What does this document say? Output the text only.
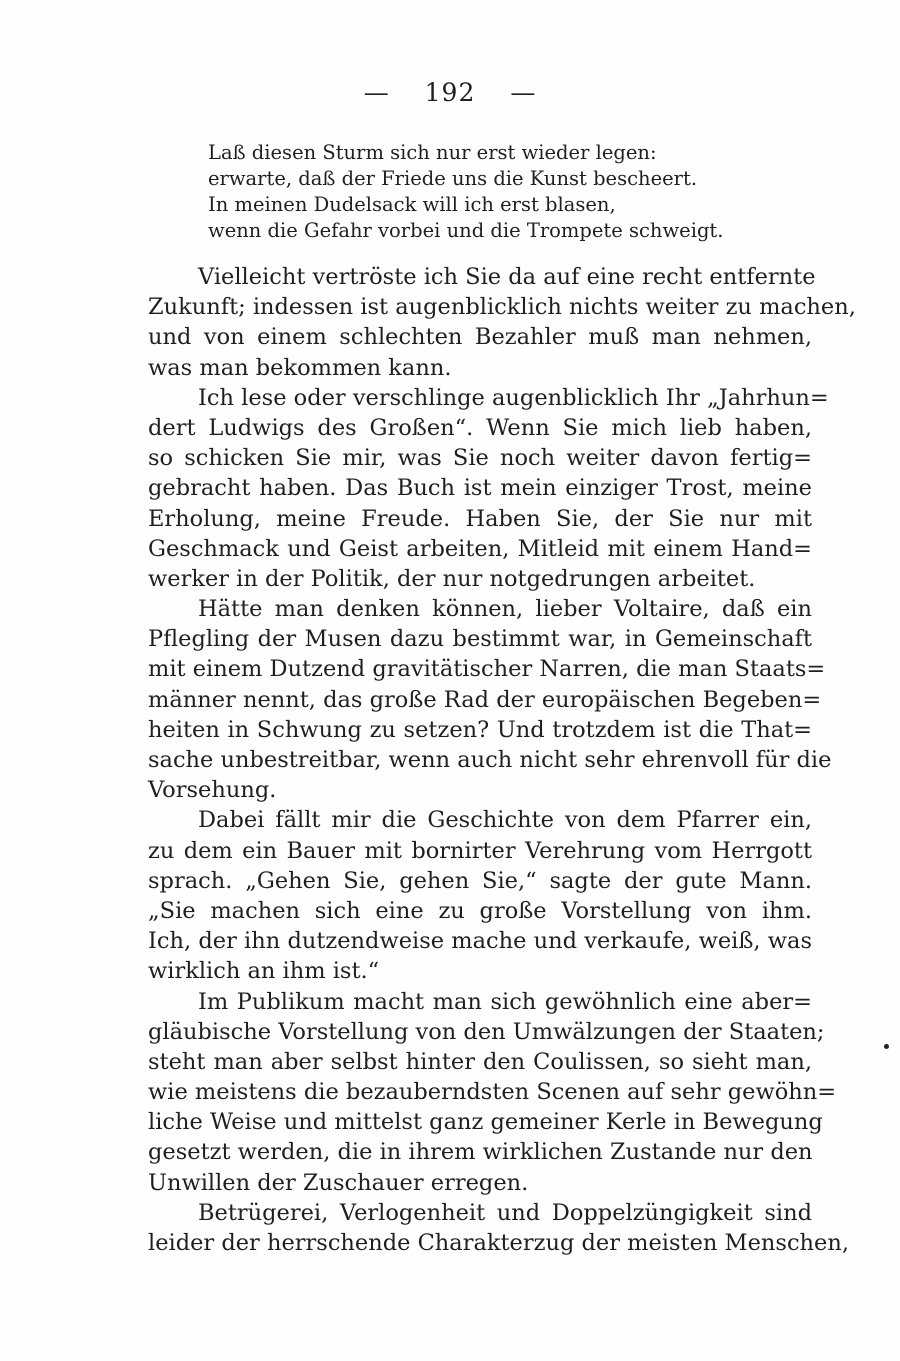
— 192 —
Laß diesen Sturm sich nur erst wieder legen:
erwarte, daß der Friede uns die Kunst bescheert.
In meinen Dudelsack will ich erst blasen,
wenn die Gefahr vorbei und die Trompete schweigt.
Vielleicht vertröste ich Sie da auf eine recht entfernte
Zukunft; indessen ist augenblicklich nichts weiter zu machen,
und von einem schlechten Bezahler muß man nehmen,
was man bekommen kann.
Ich lese oder verschlinge augenblicklich Ihr „Jahrhun=
dert Ludwigs des Großen“. Wenn Sie mich lieb haben,
so schicken Sie mir, was Sie noch weiter davon fertig=
gebracht haben. Das Buch ist mein einziger Trost, meine
Erholung, meine Freude. Haben Sie, der Sie nur mit
Geschmack und Geist arbeiten, Mitleid mit einem Hand=
werker in der Politik, der nur notgedrungen arbeitet.
Hätte man denken können, lieber Voltaire, daß ein
Pflegling der Musen dazu bestimmt war, in Gemeinschaft
mit einem Dutzend gravitätischer Narren, die man Staats=
männer nennt, das große Rad der europäischen Begeben=
heiten in Schwung zu setzen? Und trotzdem ist die That=
sache unbestreitbar, wenn auch nicht sehr ehrenvoll für die
Vorsehung.
Dabei fällt mir die Geschichte von dem Pfarrer ein,
zu dem ein Bauer mit bornirter Verehrung vom Herrgott
sprach. „Gehen Sie, gehen Sie,“ sagte der gute Mann.
„Sie machen sich eine zu große Vorstellung von ihm.
Ich, der ihn dutzendweise mache und verkaufe, weiß, was
wirklich an ihm ist.“
Im Publikum macht man sich gewöhnlich eine aber=
gläubische Vorstellung von den Umwälzungen der Staaten;
steht man aber selbst hinter den Coulissen, so sieht man,
wie meistens die bezauberndsten Scenen auf sehr gewöhn=
liche Weise und mittelst ganz gemeiner Kerle in Bewegung
gesetzt werden, die in ihrem wirklichen Zustande nur den
Unwillen der Zuschauer erregen.
Betrügerei, Verlogenheit und Doppelzüngigkeit sind
leider der herrschende Charakterzug der meisten Menschen,
